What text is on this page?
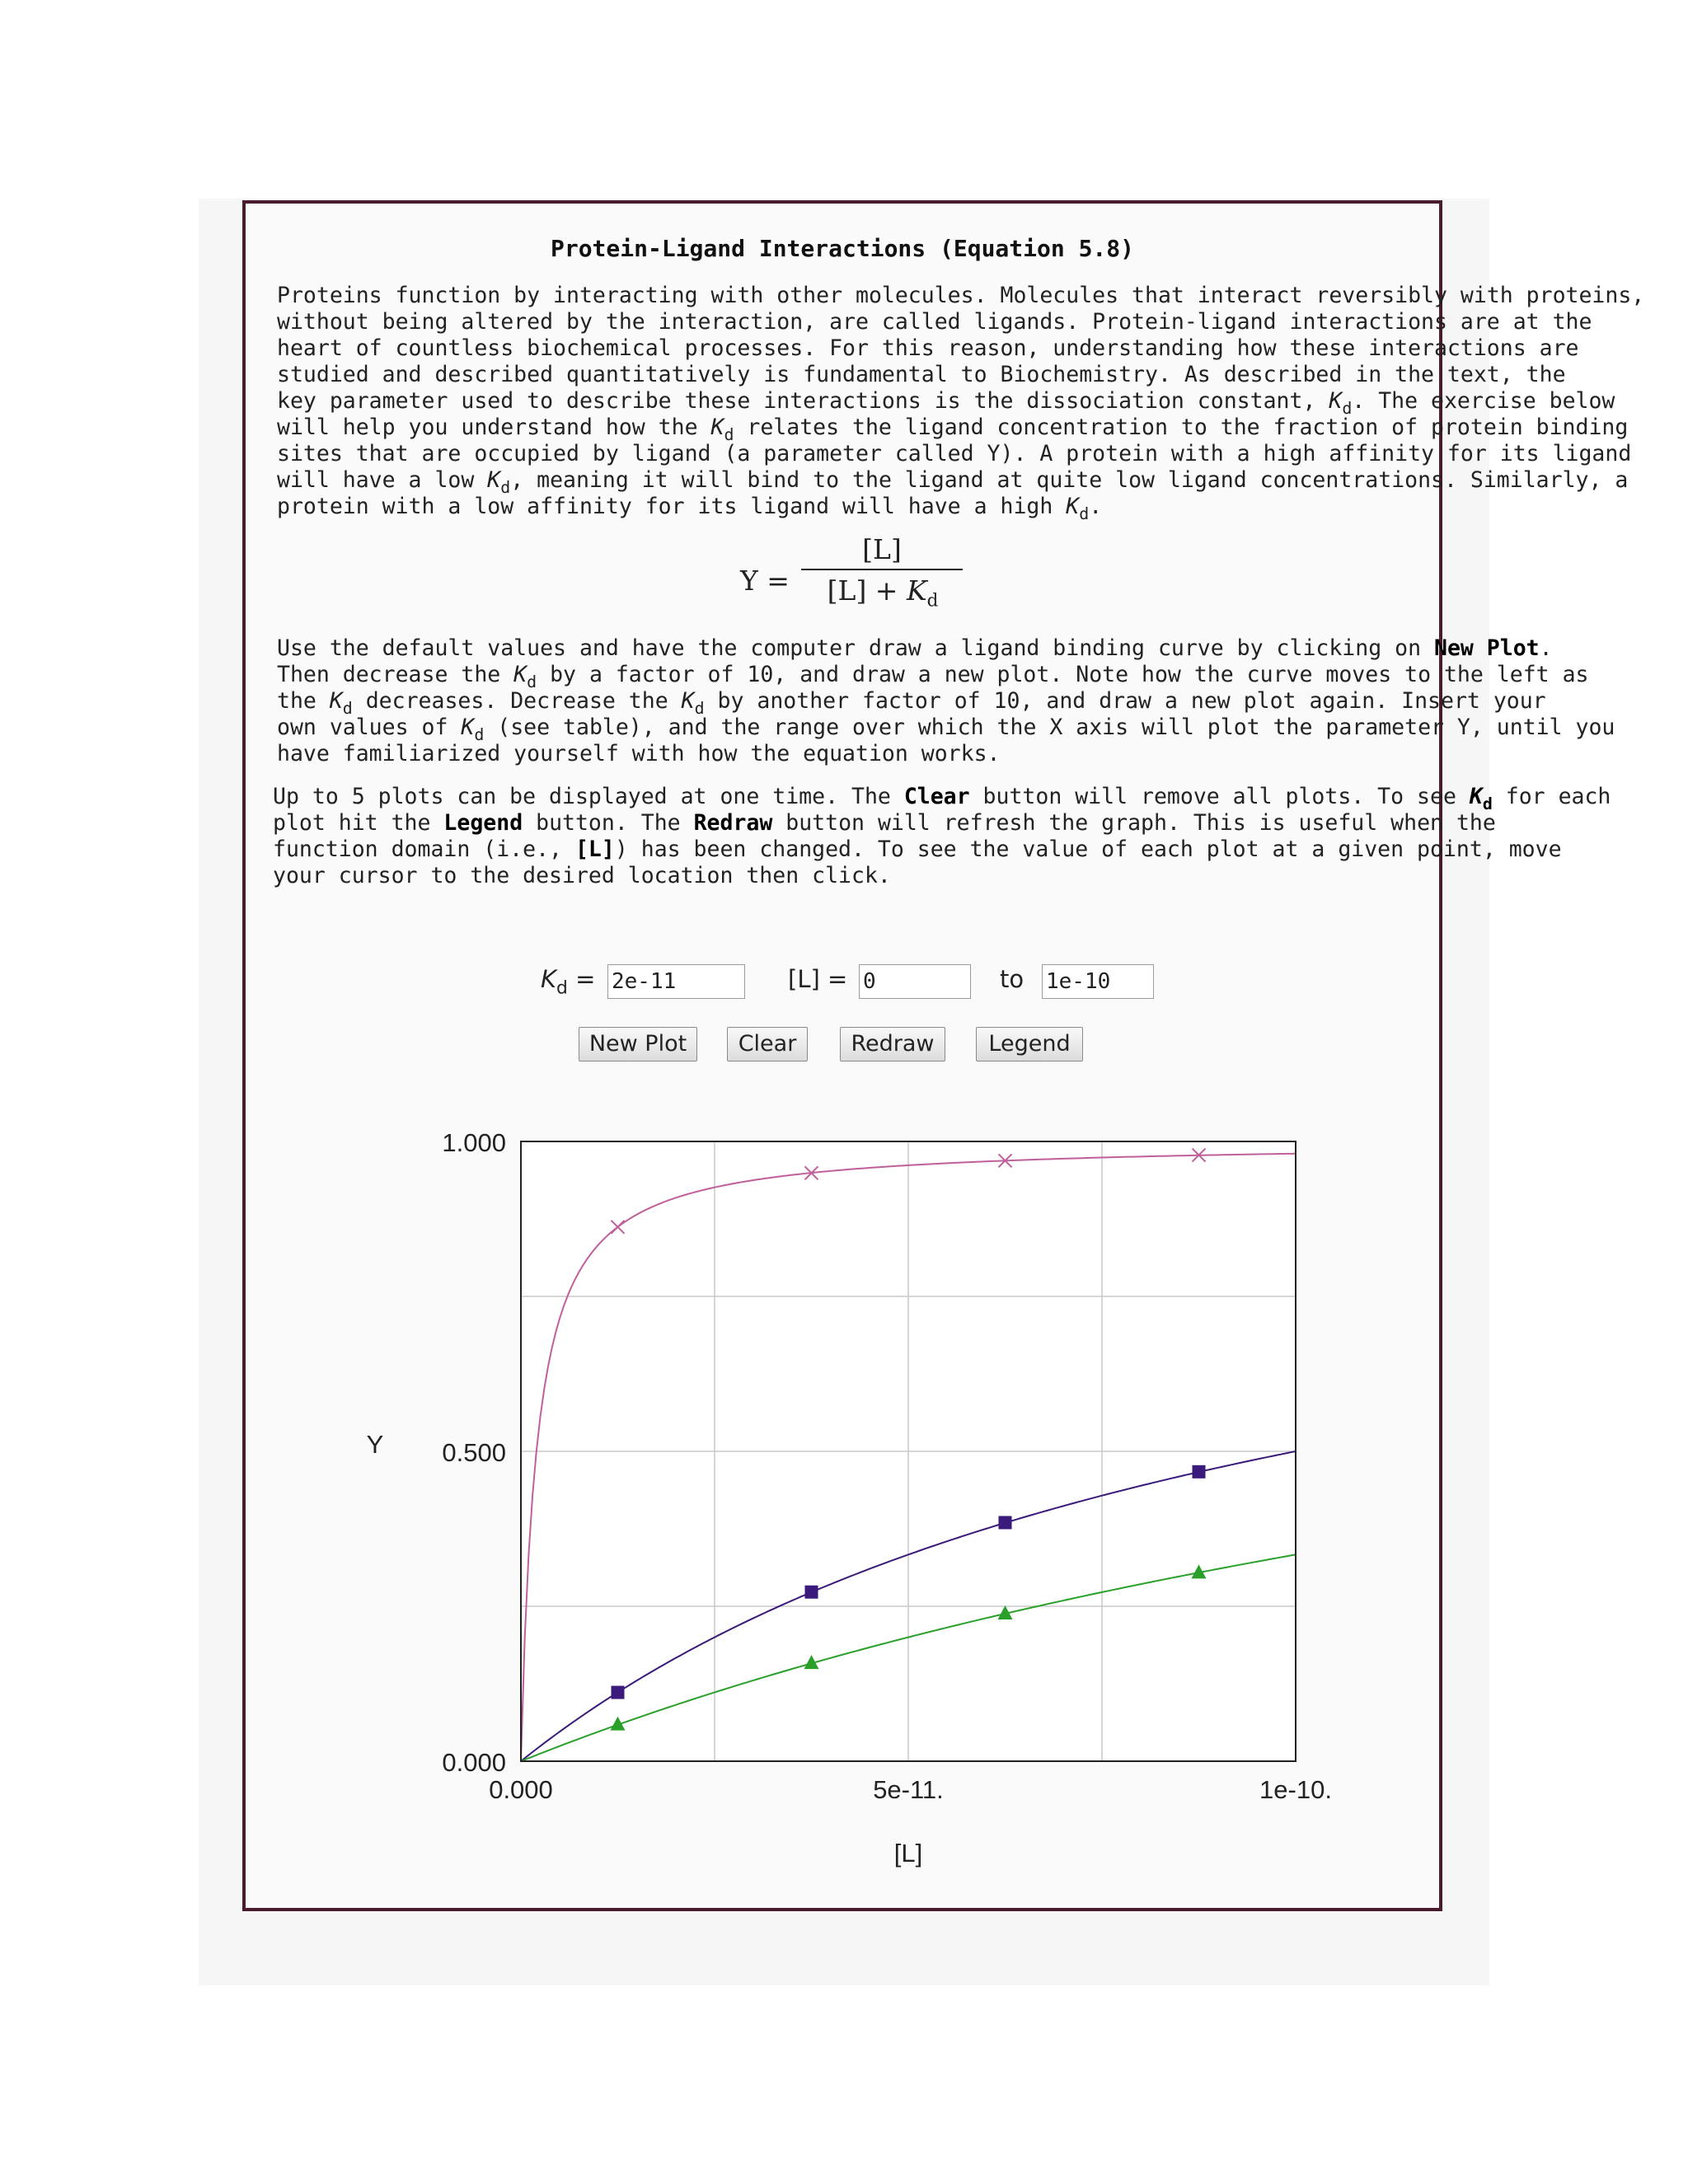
Protein-Ligand Interactions (Equation 5.8)
Proteins function by interacting with other molecules. Molecules that interact reversibly with proteins,
without being altered by the interaction, are called ligands. Protein-ligand interactions are at the
heart of countless biochemical processes. For this reason, understanding how these interactions are
studied and described quantitatively is fundamental to Biochemistry. As described in the text, the
key parameter used to describe these interactions is the dissociation constant, $K_d$. The exercise below
will help you understand how the $K_d$ relates the ligand concentration to the fraction of protein binding
sites that are occupied by ligand (a parameter called Y). A protein with a high affinity for its ligand
will have a low $K_d$, meaning it will bind to the ligand at quite low ligand concentrations. Similarly, a
protein with a low affinity for its ligand will have a high $K_d$.
Y =
[L]
$[L] + K_d$
Use the default values and have the computer draw a ligand binding curve by clicking on New Plot.
Then decrease the $K_d$ by a factor of 10, and draw a new plot. Note how the curve moves to the left as
the $K_d$ decreases. Decrease the $K_d$ by another factor of 10, and draw a new plot again. Insert your
own values of $K_d$ (see table), and the range over which the X axis will plot the parameter Y, until you
have familiarized yourself with how the equation works.
Up to 5 plots can be displayed at one time. The Clear button will remove all plots. To see $K_d$ for each
plot hit the Legend button. The Redraw button will refresh the graph. This is useful when the
function domain (i.e., [L]) has been changed. To see the value of each plot at a given point, move
your cursor to the desired location then click.
$K_d$ =
2e-11	[L] =
0	to
1e-10
New Plot	Clear	Redraw	Legend
0.000
0.500
1.000
0.000	5e-11.	1e-10.
Y
[L]
